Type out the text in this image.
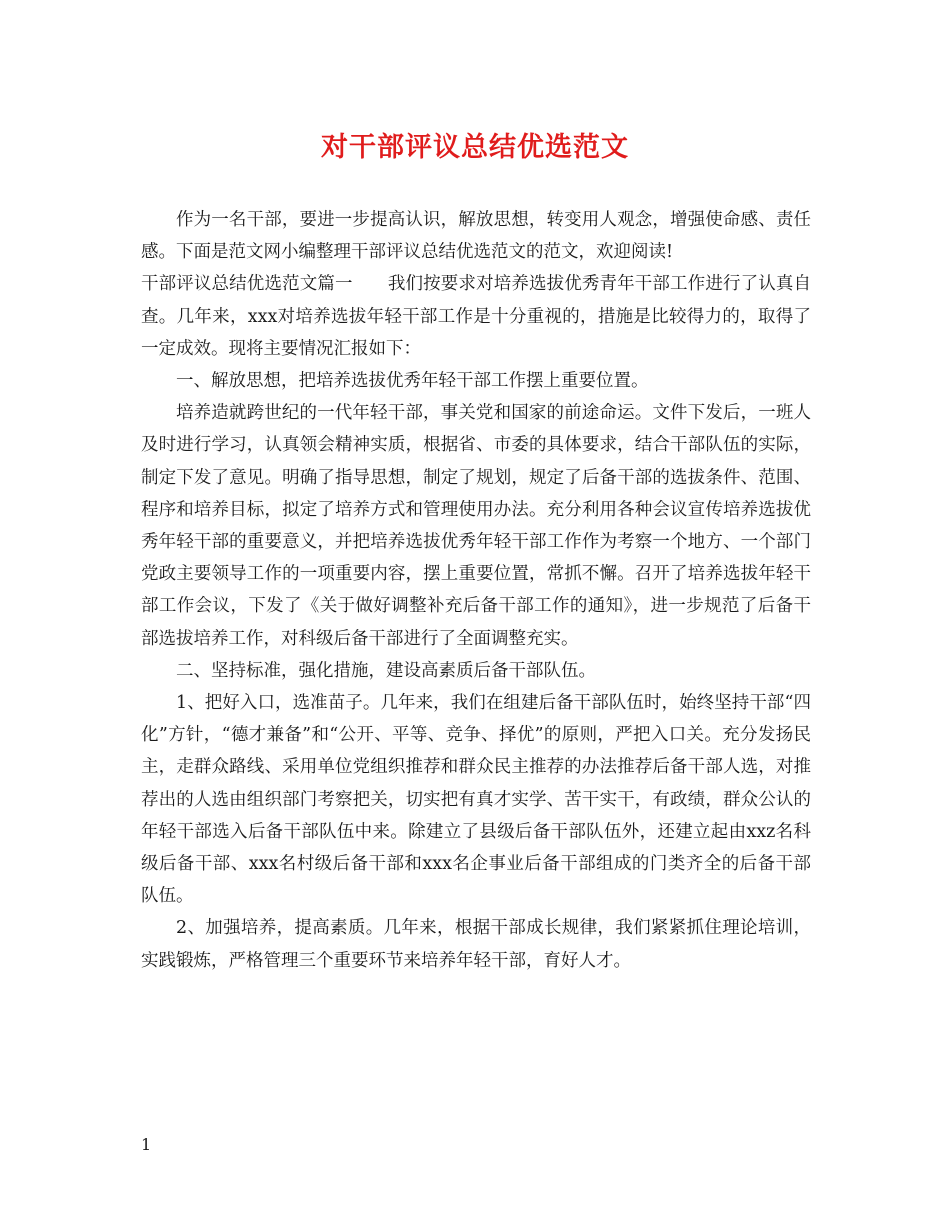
对干部评议总结优选范文

作为一名干部，要进一步提高认识，解放思想，转变用人观念，增强使命感、责任感。下面是范文网小编整理干部评议总结优选范文的范文，欢迎阅读!

干部评议总结优选范文篇一　　我们按要求对培养选拔优秀青年干部工作进行了认真自查。几年来，xxx对培养选拔年轻干部工作是十分重视的，措施是比较得力的，取得了一定成效。现将主要情况汇报如下：

一、解放思想，把培养选拔优秀年轻干部工作摆上重要位置。

培养造就跨世纪的一代年轻干部，事关党和国家的前途命运。文件下发后，一班人及时进行学习，认真领会精神实质，根据省、市委的具体要求，结合干部队伍的实际，制定下发了意见。明确了指导思想，制定了规划，规定了后备干部的选拔条件、范围、程序和培养目标，拟定了培养方式和管理使用办法。充分利用各种会议宣传培养选拔优秀年轻干部的重要意义，并把培养选拔优秀年轻干部工作作为考察一个地方、一个部门党政主要领导工作的一项重要内容，摆上重要位置，常抓不懈。召开了培养选拔年轻干部工作会议，下发了《关于做好调整补充后备干部工作的通知》，进一步规范了后备干部选拔培养工作，对科级后备干部进行了全面调整充实。

二、坚持标准，强化措施，建设高素质后备干部队伍。

1、把好入口，选准苗子。几年来，我们在组建后备干部队伍时，始终坚持干部“四化”方针，“德才兼备”和“公开、平等、竞争、择优”的原则，严把入口关。充分发扬民主，走群众路线、采用单位党组织推荐和群众民主推荐的办法推荐后备干部人选，对推荐出的人选由组织部门考察把关，切实把有真才实学、苦干实干，有政绩，群众公认的年轻干部选入后备干部队伍中来。除建立了县级后备干部队伍外，还建立起由xxz名科级后备干部、xxx名村级后备干部和xxx名企事业后备干部组成的门类齐全的后备干部队伍。

2、加强培养，提高素质。几年来，根据干部成长规律，我们紧紧抓住理论培训，实践锻炼，严格管理三个重要环节来培养年轻干部，育好人才。

1
